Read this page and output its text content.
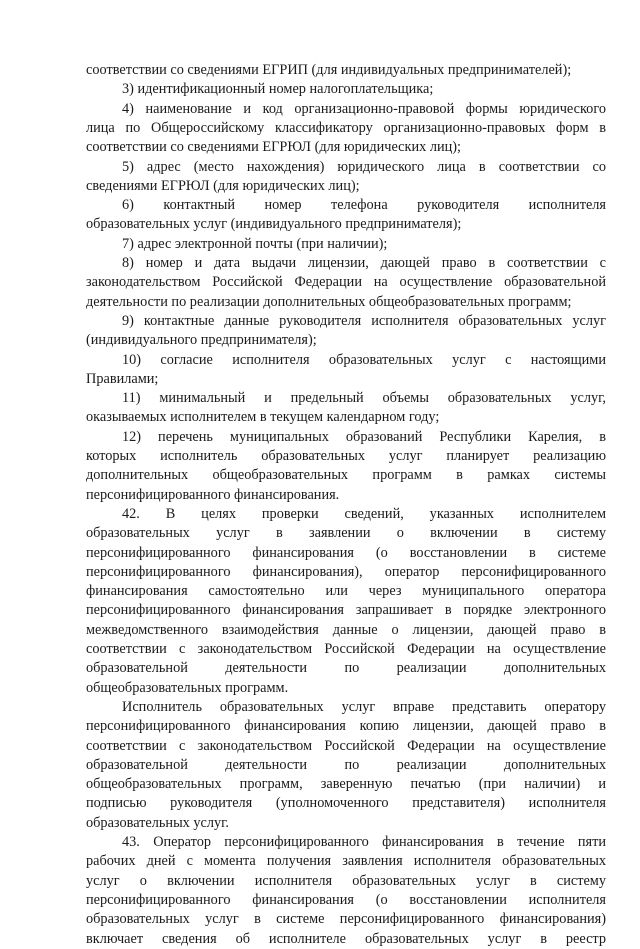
соответствии со сведениями ЕГРИП (для индивидуальных предпринимателей);
3) идентификационный номер налогоплательщика;
4) наименование и код организационно-правовой формы юридического
лица по Общероссийскому классификатору организационно-правовых форм в
соответствии со сведениями ЕГРЮЛ (для юридических лиц);
5) адрес (место нахождения) юридического лица в соответствии со
сведениями ЕГРЮЛ (для юридических лиц);
6) контактный номер телефона руководителя исполнителя
образовательных услуг (индивидуального предпринимателя);
7) адрес электронной почты (при наличии);
8) номер и дата выдачи лицензии, дающей право в соответствии с
законодательством Российской Федерации на осуществление образовательной
деятельности по реализации дополнительных общеобразовательных программ;
9) контактные данные руководителя исполнителя образовательных услуг
(индивидуального предпринимателя);
10) согласие исполнителя образовательных услуг с настоящими
Правилами;
11) минимальный и предельный объемы образовательных услуг,
оказываемых исполнителем в текущем календарном году;
12) перечень муниципальных образований Республики Карелия, в
которых исполнитель образовательных услуг планирует реализацию
дополнительных общеобразовательных программ в рамках системы
персонифицированного финансирования.
42. В целях проверки сведений, указанных исполнителем
образовательных услуг в заявлении о включении в систему
персонифицированного финансирования (о восстановлении в системе
персонифицированного финансирования), оператор персонифицированного
финансирования самостоятельно или через муниципального оператора
персонифицированного финансирования запрашивает в порядке электронного
межведомственного взаимодействия данные о лицензии, дающей право в
соответствии с законодательством Российской Федерации на осуществление
образовательной деятельности по реализации дополнительных
общеобразовательных программ.
Исполнитель образовательных услуг вправе представить оператору
персонифицированного финансирования копию лицензии, дающей право в
соответствии с законодательством Российской Федерации на осуществление
образовательной деятельности по реализации дополнительных
общеобразовательных программ, заверенную печатью (при наличии) и
подписью руководителя (уполномоченного представителя) исполнителя
образовательных услуг.
43. Оператор персонифицированного финансирования в течение пяти
рабочих дней с момента получения заявления исполнителя образовательных
услуг о включении исполнителя образовательных услуг в систему
персонифицированного финансирования (о восстановлении исполнителя
образовательных услуг в системе персонифицированного финансирования)
включает сведения об исполнителе образовательных услуг в реестр
